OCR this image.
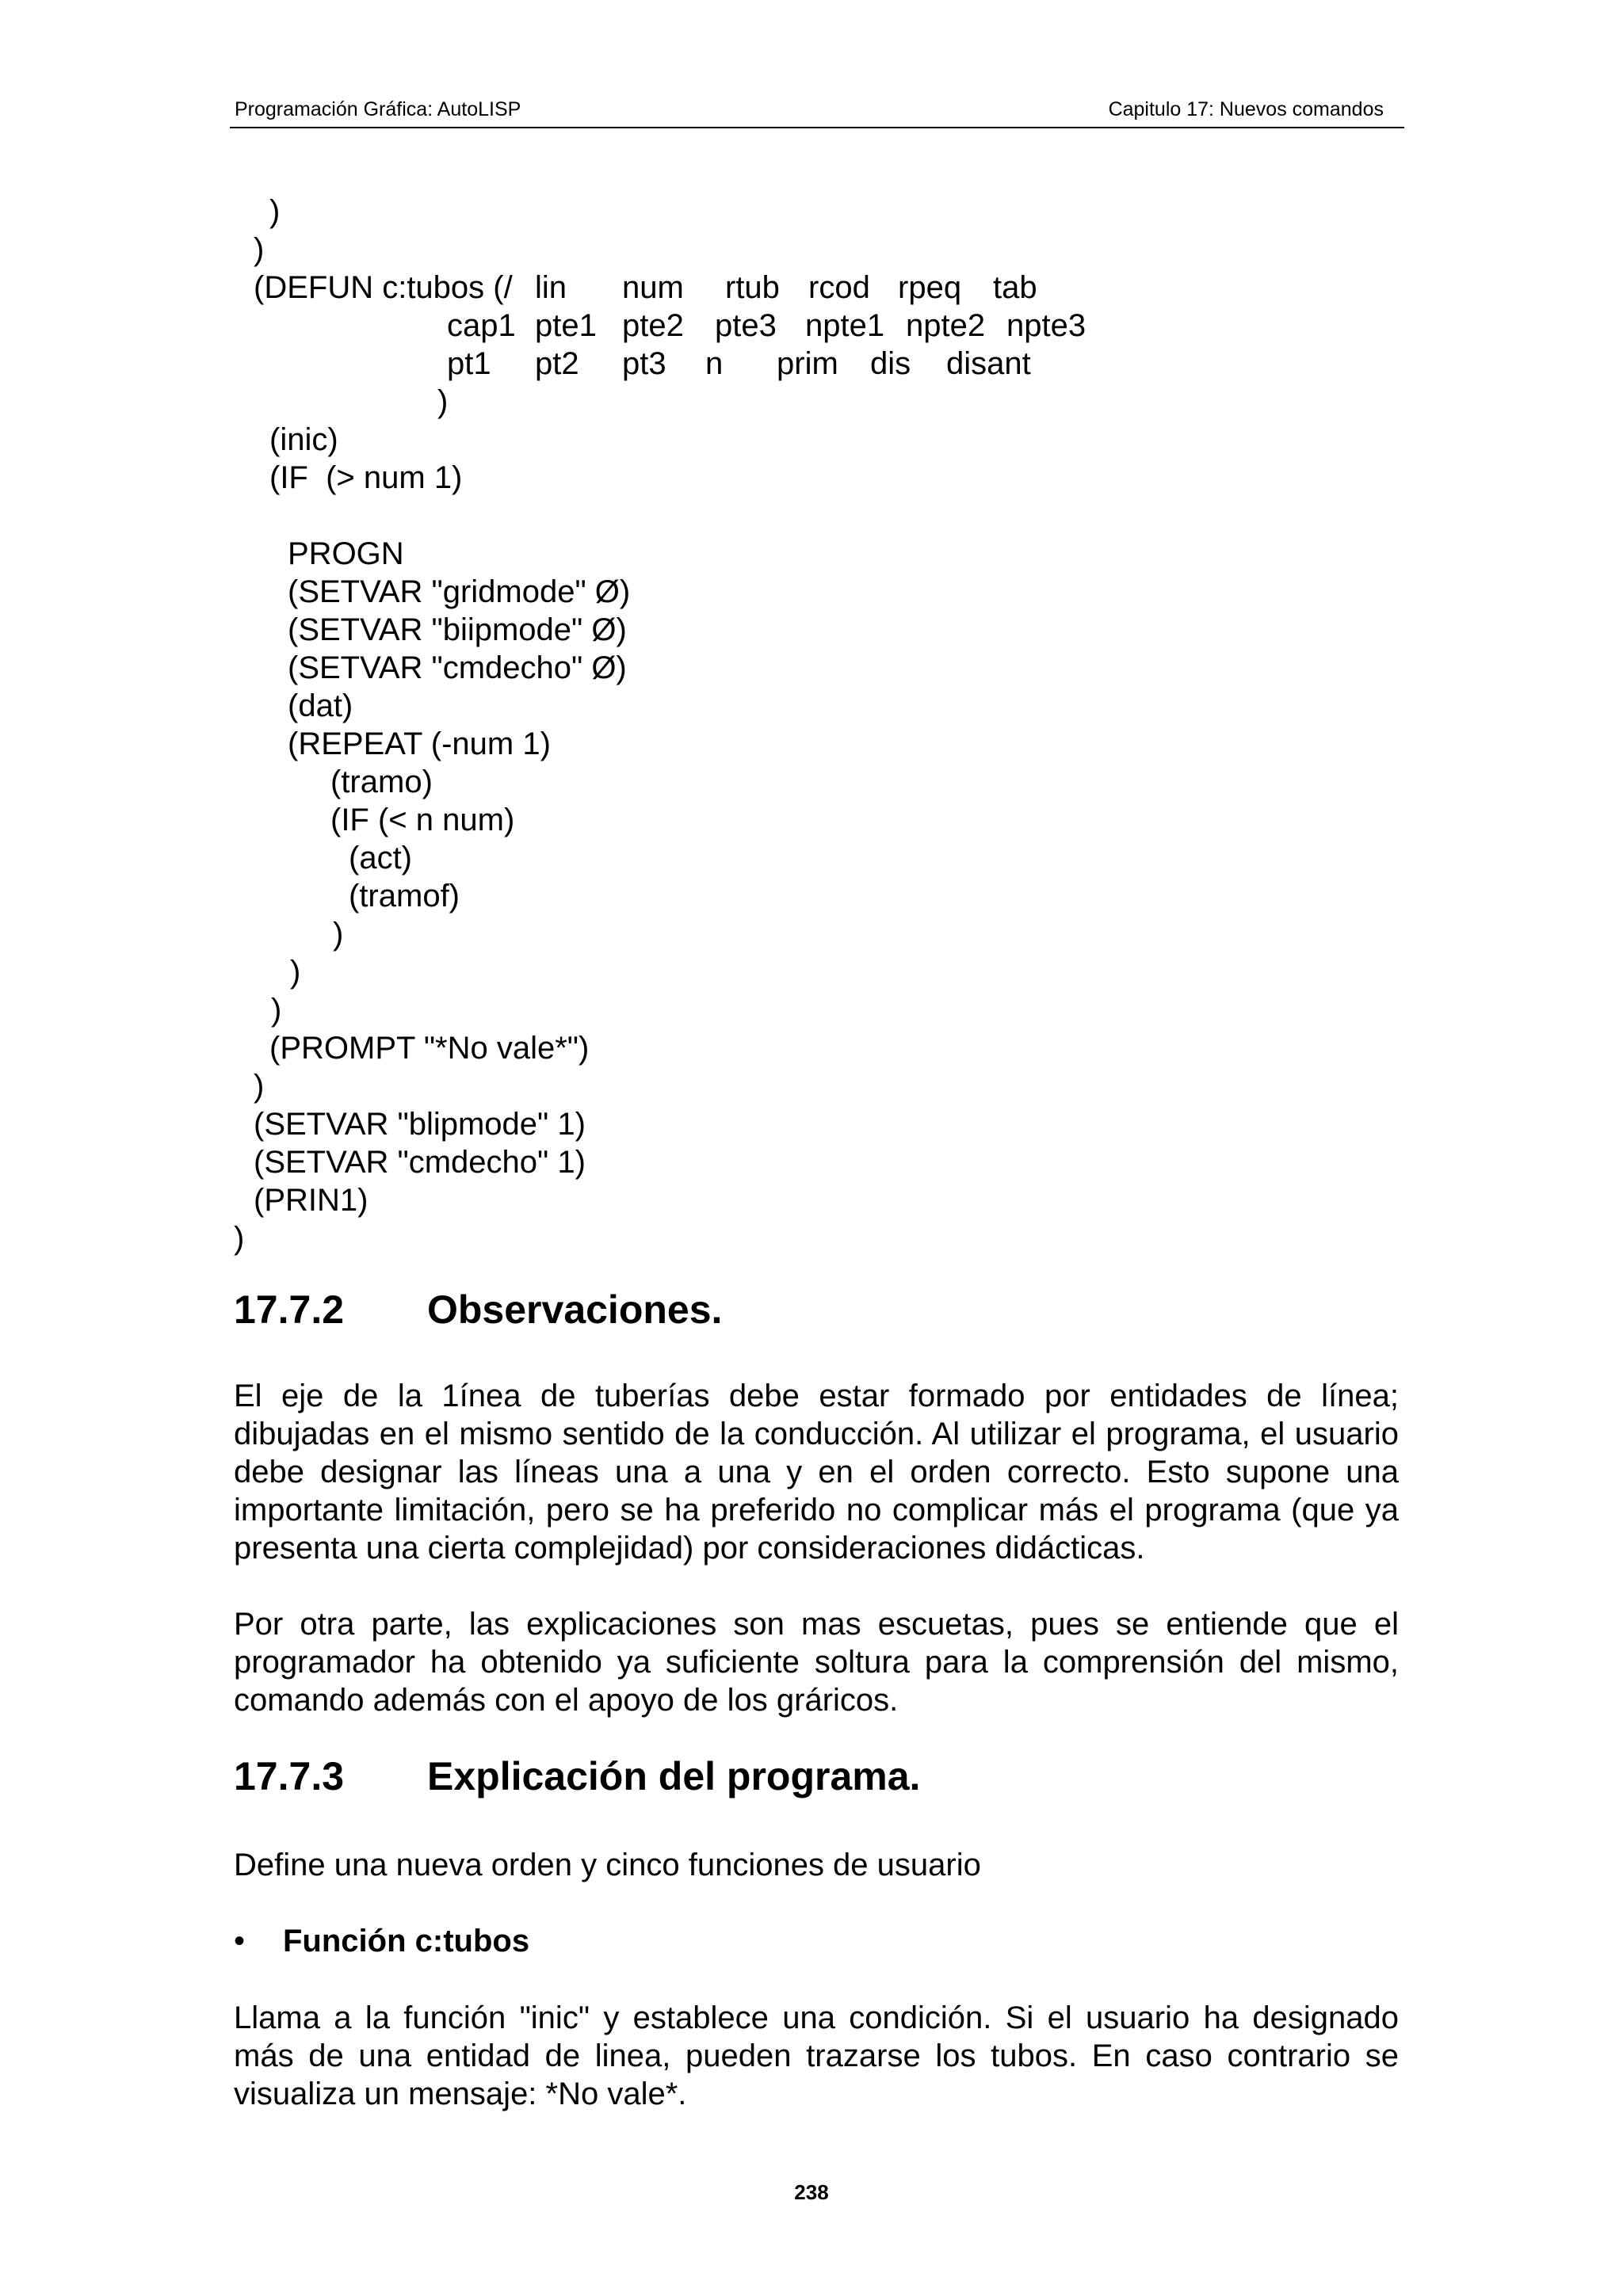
Programación Gráfica: AutoLISP	Capitulo 17: Nuevos comandos
)
)
(DEFUN c:tubos (/ lin num rtub rcod rpeq tab
cap1 pte1 pte2 pte3 npte1 npte2 npte3
pt1 pt2 pt3 n prim dis disant
)
(inic)
(IF  (> num 1)
PROGN
(SETVAR "gridmode" Ø)
(SETVAR "biipmode" Ø)
(SETVAR "cmdecho" Ø)
(dat)
(REPEAT (-num 1)
(tramo)
(IF (< n num)
(act)
(tramof)
)
)
)
(PROMPT "*No vale*")
)
(SETVAR "blipmode" 1)
(SETVAR "cmdecho" 1)
(PRIN1)
)
17.7.2 Observaciones.

El eje de la 1ínea de tuberías debe estar formado por entidades de línea; dibujadas en el mismo sentido de la conducción. Al utilizar el programa, el usuario debe designar las líneas una a una y en el orden correcto. Esto supone una importante limitación, pero se ha preferido no complicar más el programa (que ya presenta una cierta complejidad) por consideraciones didácticas.

Por otra parte, las explicaciones son mas escuetas, pues se entiende que el programador ha obtenido ya suficiente soltura para la comprensión del mismo, comando además con el apoyo de los gráricos.

17.7.3 Explicación del programa.

Define una nueva orden y cinco funciones de usuario

• Función c:tubos

Llama a la función "inic" y establece una condición. Si el usuario ha designado más de una entidad de linea, pueden trazarse los tubos. En caso contrario se visualiza un mensaje: *No vale*.

238
